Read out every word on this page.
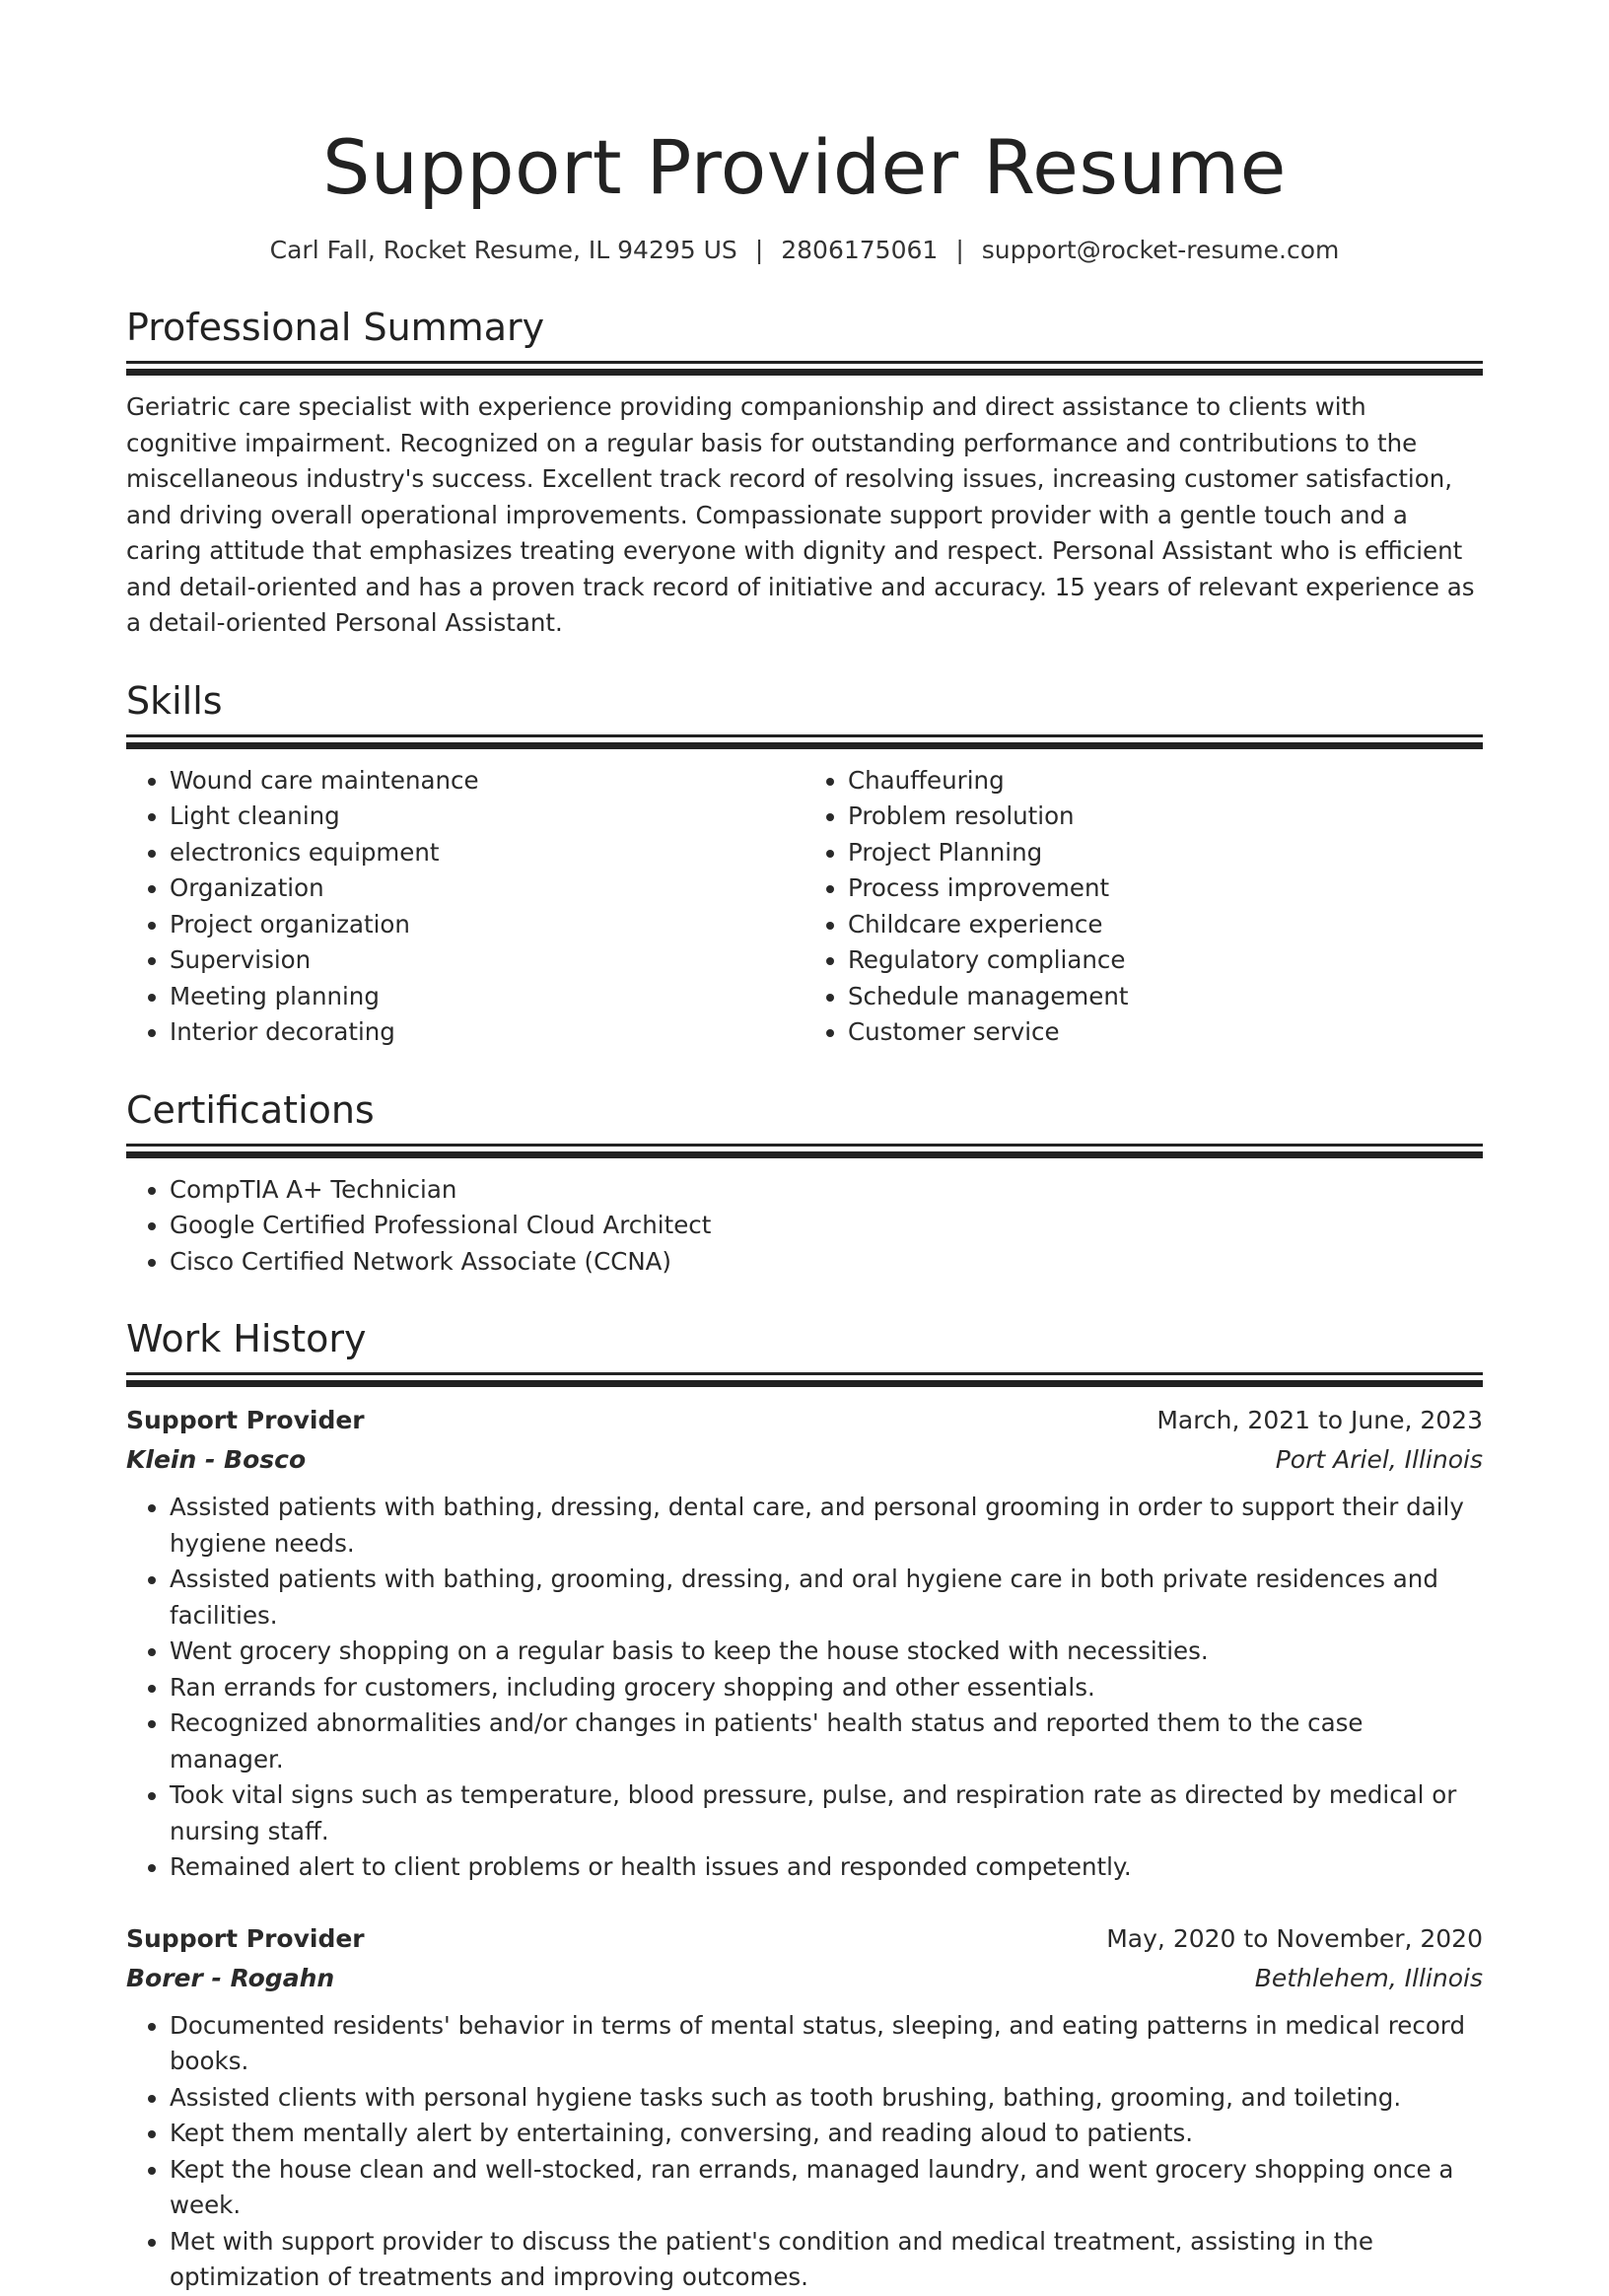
Support Provider Resume
Carl Fall, Rocket Resume, IL 94295 US | 2806175061 | support@rocket-resume.com
Professional Summary
Geriatric care specialist with experience providing companionship and direct assistance to clients with cognitive impairment. Recognized on a regular basis for outstanding performance and contributions to the miscellaneous industry's success. Excellent track record of resolving issues, increasing customer satisfaction, and driving overall operational improvements. Compassionate support provider with a gentle touch and a caring attitude that emphasizes treating everyone with dignity and respect. Personal Assistant who is efficient and detail-oriented and has a proven track record of initiative and accuracy. 15 years of relevant experience as a detail-oriented Personal Assistant.
Skills
• Wound care maintenance
• Light cleaning
• electronics equipment
• Organization
• Project organization
• Supervision
• Meeting planning
• Interior decorating
• Chauffeuring
• Problem resolution
• Project Planning
• Process improvement
• Childcare experience
• Regulatory compliance
• Schedule management
• Customer service
Certifications
• CompTIA A+ Technician
• Google Certified Professional Cloud Architect
• Cisco Certified Network Associate (CCNA)
Work History
Support Provider	March, 2021 to June, 2023
Klein - Bosco	Port Ariel, Illinois
• Assisted patients with bathing, dressing, dental care, and personal grooming in order to support their daily hygiene needs.
• Assisted patients with bathing, grooming, dressing, and oral hygiene care in both private residences and facilities.
• Went grocery shopping on a regular basis to keep the house stocked with necessities.
• Ran errands for customers, including grocery shopping and other essentials.
• Recognized abnormalities and/or changes in patients' health status and reported them to the case manager.
• Took vital signs such as temperature, blood pressure, pulse, and respiration rate as directed by medical or nursing staff.
• Remained alert to client problems or health issues and responded competently.
Support Provider	May, 2020 to November, 2020
Borer - Rogahn	Bethlehem, Illinois
• Documented residents' behavior in terms of mental status, sleeping, and eating patterns in medical record books.
• Assisted clients with personal hygiene tasks such as tooth brushing, bathing, grooming, and toileting.
• Kept them mentally alert by entertaining, conversing, and reading aloud to patients.
• Kept the house clean and well-stocked, ran errands, managed laundry, and went grocery shopping once a week.
• Met with support provider to discuss the patient's condition and medical treatment, assisting in the optimization of treatments and improving outcomes.
